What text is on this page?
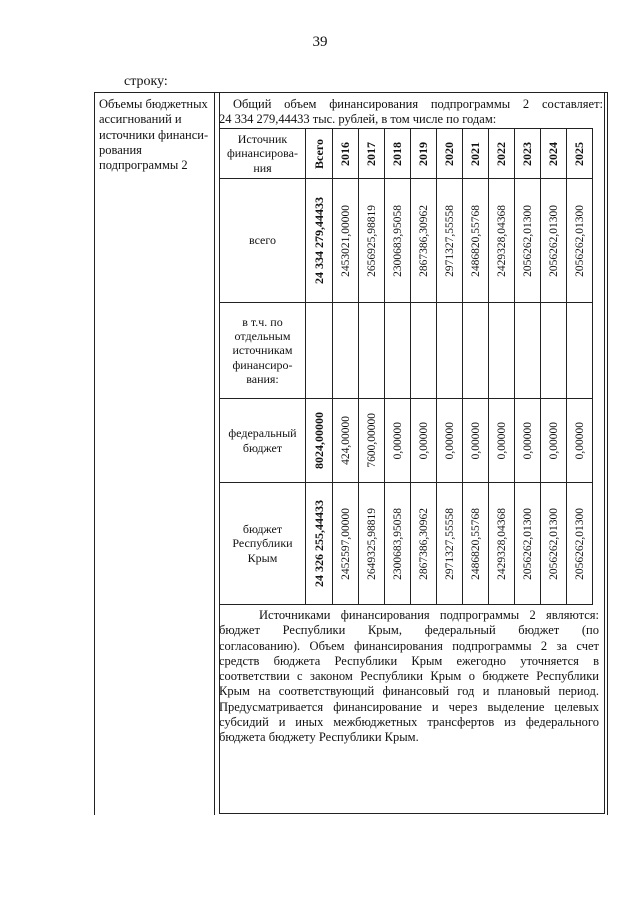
39
строку:
Объемы бюджетных
ассигнований и
источники финанси-
рования
подпрограммы 2
Общий объем финансирования подпрограммы 2 составляет:
24 334 279,44433 тыс. рублей, в том числе по годам:
Источник финансирова-ния	Всего	2016	2017	2018	2019	2020	2021	2022	2023	2024	2025

всего	24 334 279,44433	2453021,00000	2656925,98819	2300683,95058	2867386,30962	2971327,55558	2486820,55768	2429328,04368	2056262,01300	2056262,01300	2056262,01300

в т.ч. по отдельным источникам финансиро-вания:											

федеральный бюджет	8024,00000	424,00000	7600,00000	0,00000	0,00000	0,00000	0,00000	0,00000	0,00000	0,00000	0,00000

бюджет Республики Крым	24 326 255,44433	2452597,00000	2649325,98819	2300683,95058	2867386,30962	2971327,55558	2486820,55768	2429328,04368	2056262,01300	2056262,01300	2056262,01300
Источниками финансирования подпрограммы 2 являются:
бюджет Республики Крым, федеральный бюджет (по
согласованию). Объем финансирования подпрограммы 2 за счет
средств бюджета Республики Крым ежегодно уточняется в
соответствии с законом Республики Крым о бюджете Республики
Крым на соответствующий финансовый год и плановый период.
Предусматривается финансирование и через выделение целевых
субсидий и иных межбюджетных трансфертов из федерального
бюджета бюджету Республики Крым.
